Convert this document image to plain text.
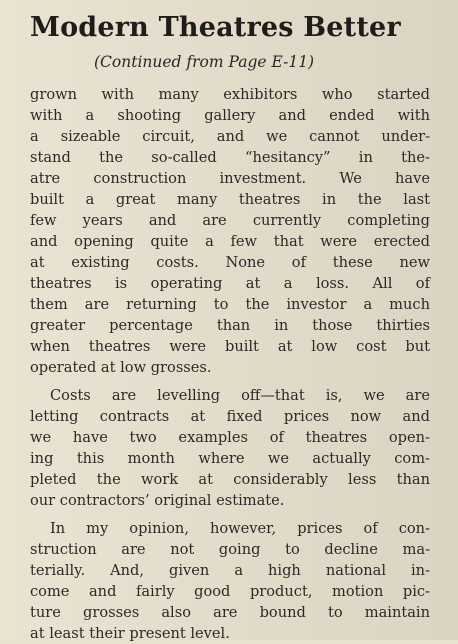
Modern Theatres Better
(Continued from Page E-11)

grown with many exhibitors who started
with a shooting gallery and ended with
a sizeable circuit, and we cannot under-
stand the so-called “hesitancy” in the-
atre construction investment. We have
built a great many theatres in the last
few years and are currently completing
and opening quite a few that were erected
at existing costs. None of these new
theatres is operating at a loss. All of
them are returning to the investor a much
greater percentage than in those thirties
when theatres were built at low cost but
operated at low grosses.

Costs are levelling off—that is, we are
letting contracts at fixed prices now and
we have two examples of theatres open-
ing this month where we actually com-
pleted the work at considerably less than
our contractors’ original estimate.

In my opinion, however, prices of con-
struction are not going to decline ma-
terially. And, given a high national in-
come and fairly good product, motion pic-
ture grosses also are bound to maintain
at least their present level.
